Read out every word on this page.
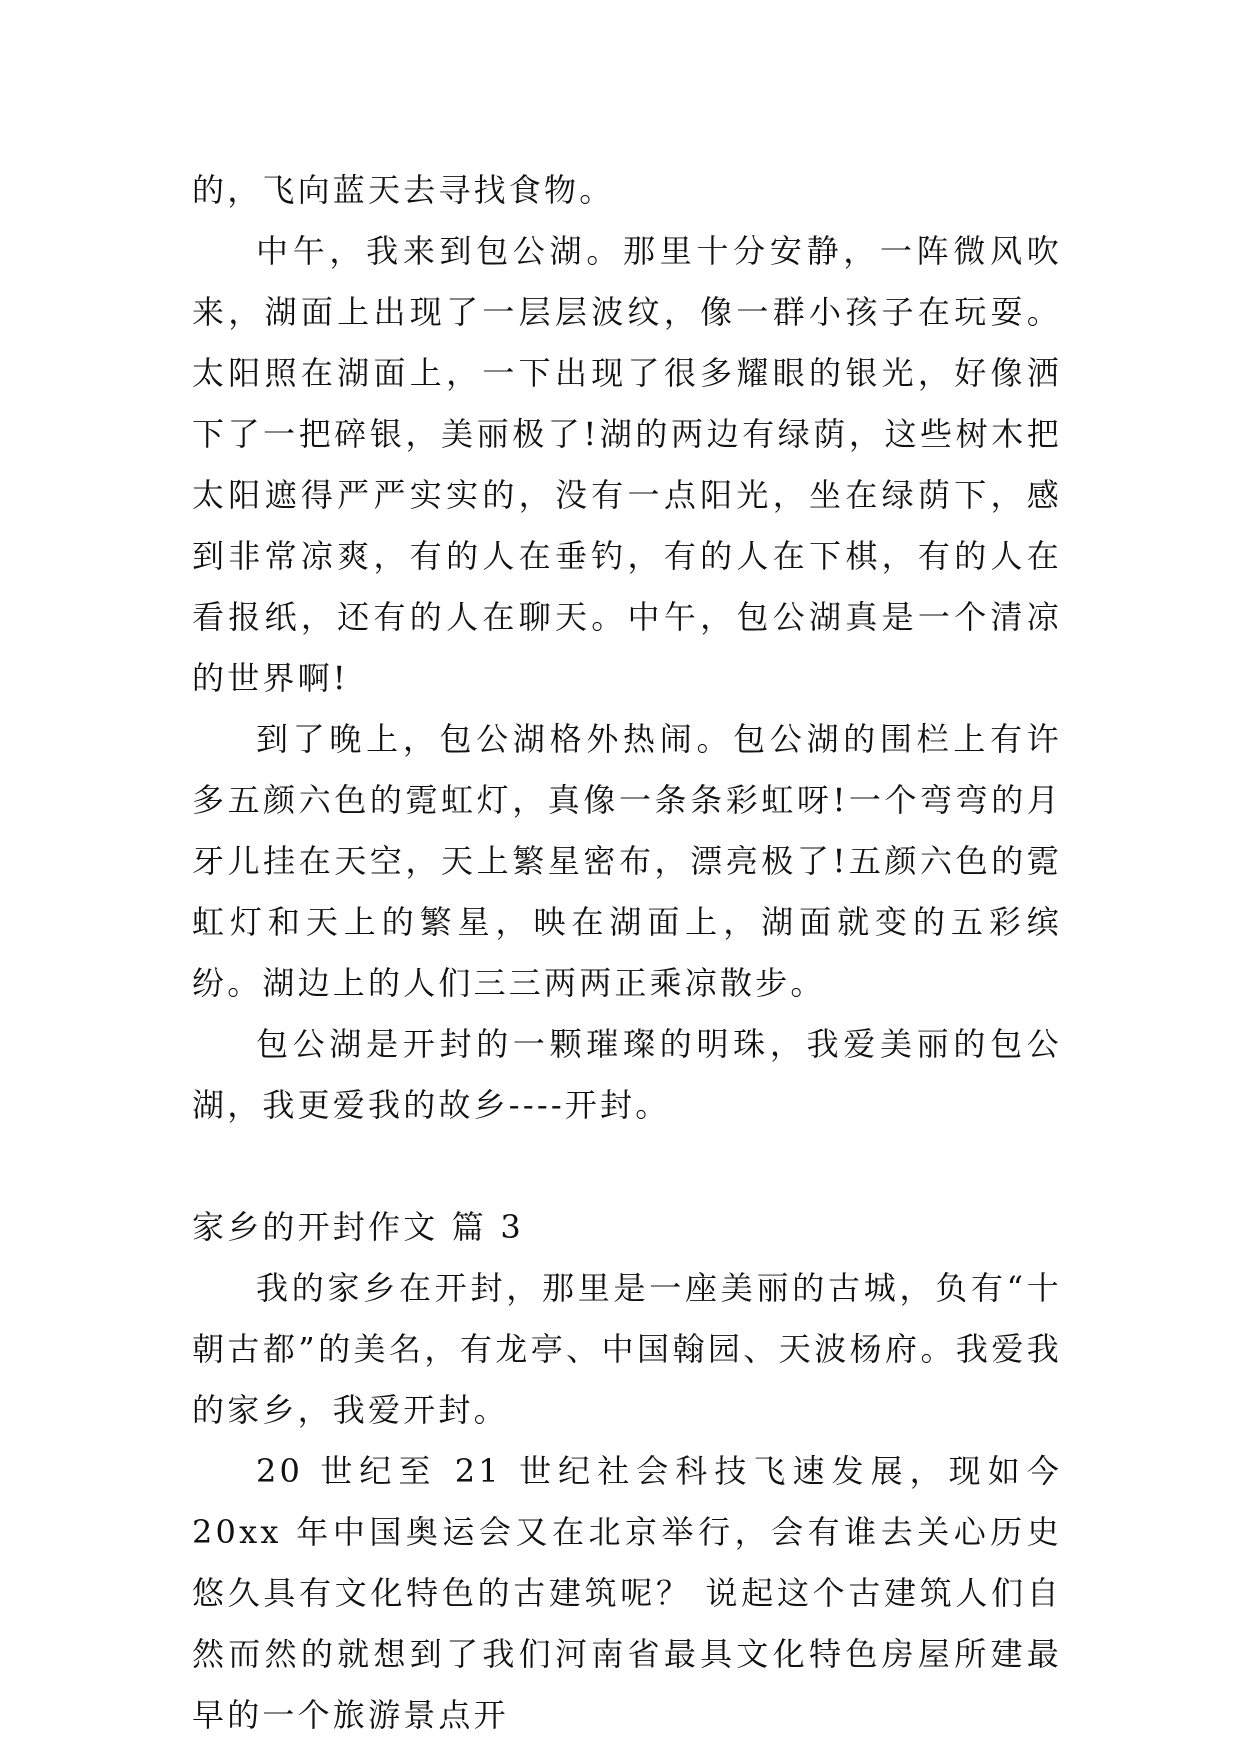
的，飞向蓝天去寻找食物。

中午，我来到包公湖。那里十分安静，一阵微风吹来，湖面上出现了一层层波纹，像一群小孩子在玩耍。太阳照在湖面上，一下出现了很多耀眼的银光，好像洒下了一把碎银，美丽极了!湖的两边有绿荫，这些树木把太阳遮得严严实实的，没有一点阳光，坐在绿荫下，感到非常凉爽，有的人在垂钓，有的人在下棋，有的人在看报纸，还有的人在聊天。中午，包公湖真是一个清凉的世界啊!

到了晚上，包公湖格外热闹。包公湖的围栏上有许多五颜六色的霓虹灯，真像一条条彩虹呀!一个弯弯的月牙儿挂在天空，天上繁星密布，漂亮极了!五颜六色的霓虹灯和天上的繁星，映在湖面上，湖面就变的五彩缤纷。湖边上的人们三三两两正乘凉散步。

包公湖是开封的一颗璀璨的明珠，我爱美丽的包公湖，我更爱我的故乡----开封。

家乡的开封作文 篇 3

我的家乡在开封，那里是一座美丽的古城，负有“十朝古都”的美名，有龙亭、中国翰园、天波杨府。我爱我的家乡，我爱开封。

20 世纪至 21 世纪社会科技飞速发展，现如今 20xx 年中国奥运会又在北京举行，会有谁去关心历史悠久具有文化特色的古建筑呢？ 说起这个古建筑人们自然而然的就想到了我们河南省最具文化特色房屋所建最早的一个旅游景点开
